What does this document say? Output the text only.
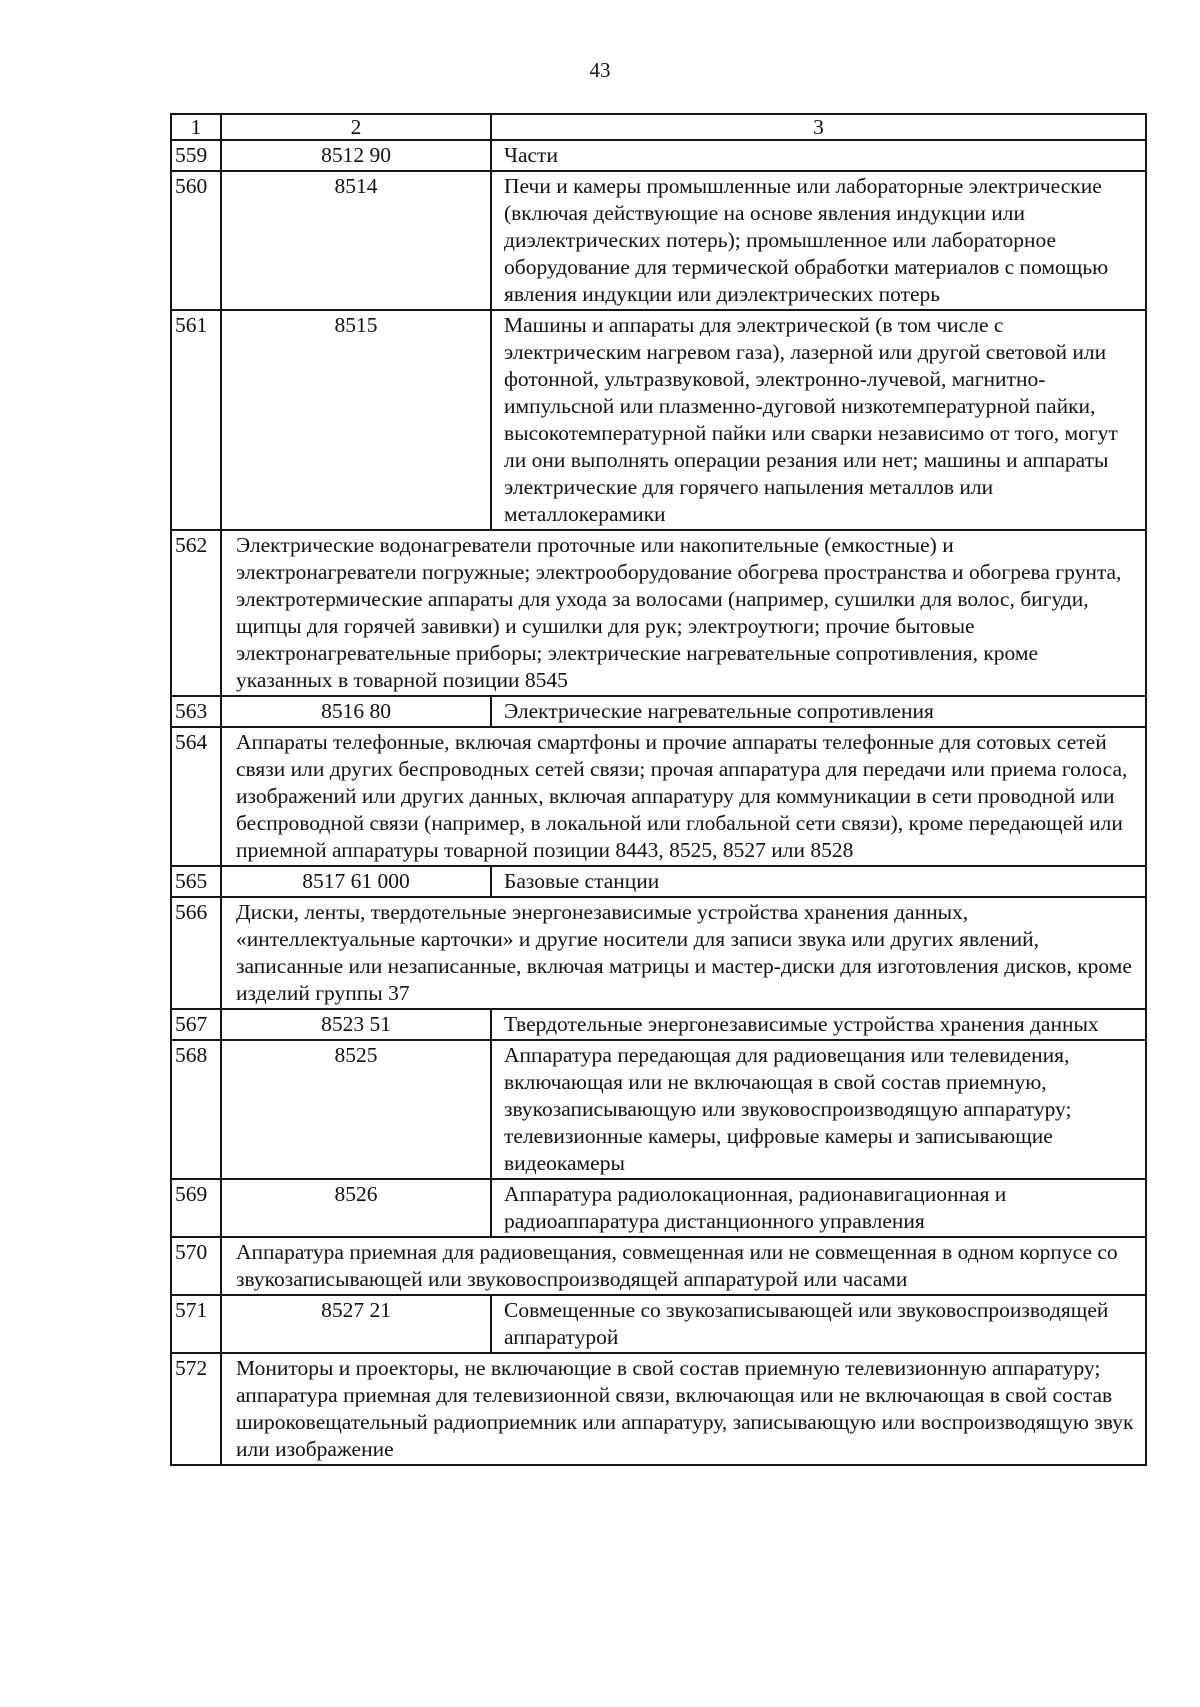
43
1	2	3
559	8512 90	Части
560	8514	Печи и камеры промышленные или лабораторные электрические (включая действующие на основе явления индукции или диэлектрических потерь); промышленное или лабораторное оборудование для термической обработки материалов с помощью явления индукции или диэлектрических потерь
561	8515	Машины и аппараты для электрической (в том числе с электрическим нагревом газа), лазерной или другой световой или фотонной, ультразвуковой, электронно-лучевой, магнитно-импульсной или плазменно-дуговой низкотемпературной пайки, высокотемпературной пайки или сварки независимо от того, могут ли они выполнять операции резания или нет; машины и аппараты электрические для горячего напыления металлов или металлокерамики
562	Электрические водонагреватели проточные или накопительные (емкостные) и электронагреватели погружные; электрооборудование обогрева пространства и обогрева грунта, электротермические аппараты для ухода за волосами (например, сушилки для волос, бигуди, щипцы для горячей завивки) и сушилки для рук; электроутюги; прочие бытовые электронагревательные приборы; электрические нагревательные сопротивления, кроме указанных в товарной позиции 8545	
563	8516 80	Электрические нагревательные сопротивления
564	Аппараты телефонные, включая смартфоны и прочие аппараты телефонные для сотовых сетей связи или других беспроводных сетей связи; прочая аппаратура для передачи или приема голоса, изображений или других данных, включая аппаратуру для коммуникации в сети проводной или беспроводной связи (например, в локальной или глобальной сети связи), кроме передающей или приемной аппаратуры товарной позиции 8443, 8525, 8527 или 8528	
565	8517 61 000	Базовые станции
566	Диски, ленты, твердотельные энергонезависимые устройства хранения данных, «интеллектуальные карточки» и другие носители для записи звука или других явлений, записанные или незаписанные, включая матрицы и мастер-диски для изготовления дисков, кроме изделий группы 37	
567	8523 51	Твердотельные энергонезависимые устройства хранения данных
568	8525	Аппаратура передающая для радиовещания или телевидения, включающая или не включающая в свой состав приемную, звукозаписывающую или звуковоспроизводящую аппаратуру; телевизионные камеры, цифровые камеры и записывающие видеокамеры
569	8526	Аппаратура радиолокационная, радионавигационная и радиоаппаратура дистанционного управления
570	Аппаратура приемная для радиовещания, совмещенная или не совмещенная в одном корпусе со звукозаписывающей или звуковоспроизводящей аппаратурой или часами	
571	8527 21	Совмещенные со звукозаписывающей или звуковоспроизводящей аппаратурой
572	Мониторы и проекторы, не включающие в свой состав приемную телевизионную аппаратуру; аппаратура приемная для телевизионной связи, включающая или не включающая в свой состав широковещательный радиоприемник или аппаратуру, записывающую или воспроизводящую звук или изображение	
